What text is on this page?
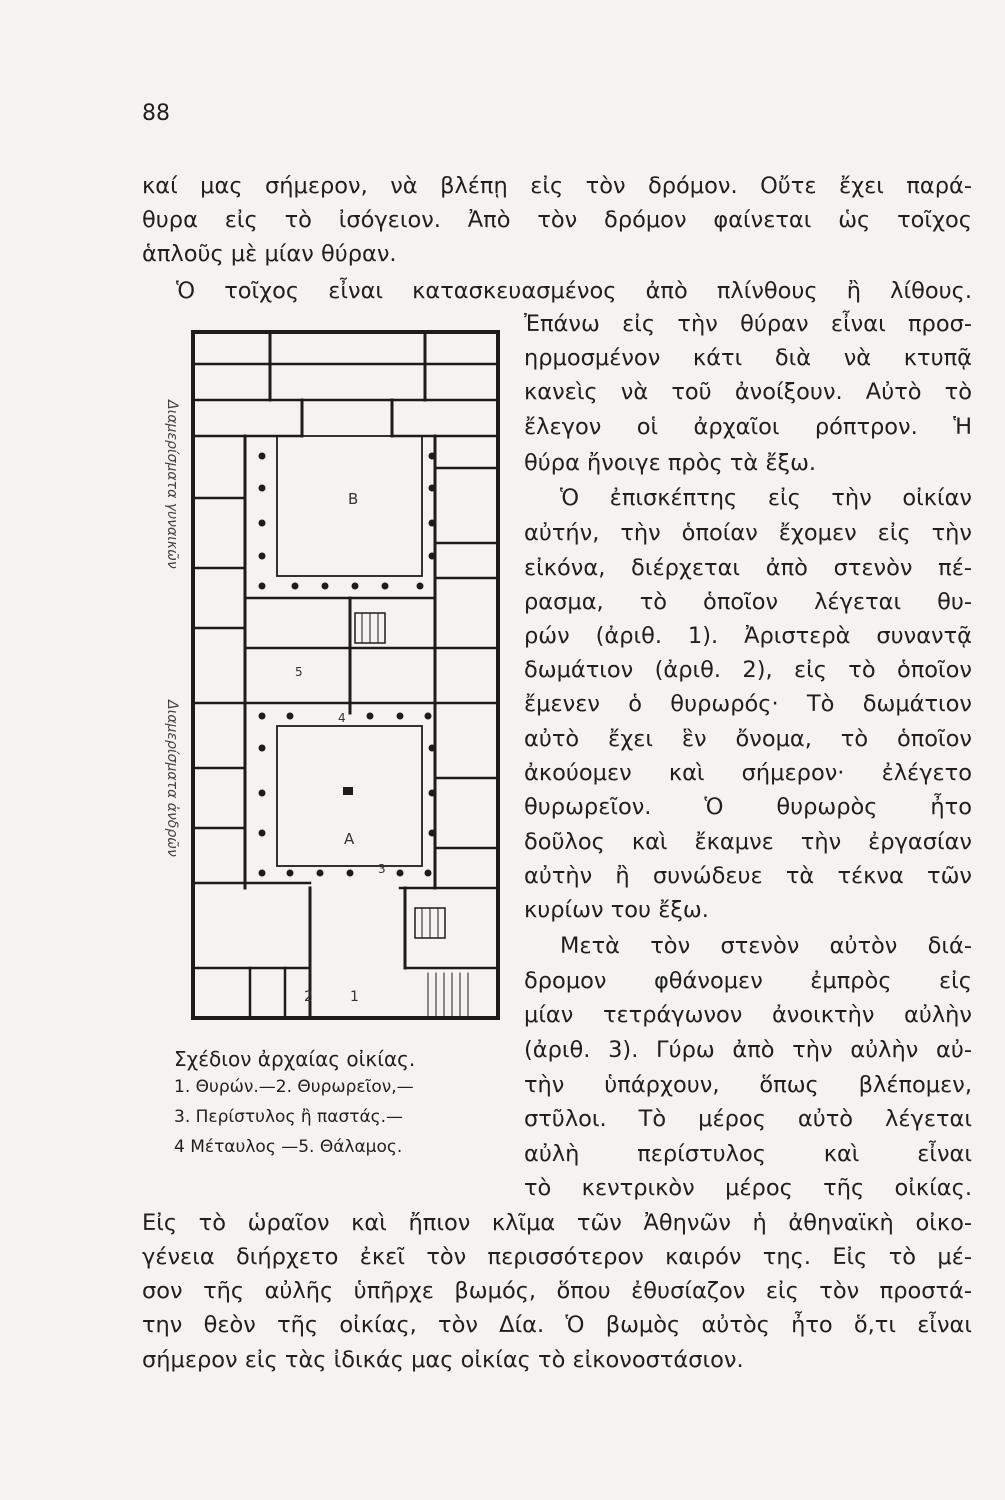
88
καί μας σήμερον, νὰ βλέπῃ εἰς τὸν δρόμον. Οὔτε ἔχει παρά-
θυρα εἰς τὸ ἰσόγειον. Ἀπὸ τὸν δρόμον φαίνεται ὡς τοῖχος
ἁπλοῦς μὲ μίαν θύραν.
Ὁ τοῖχος εἶναι κατασκευασμένος ἀπὸ πλίνθους ἢ λίθους.
Ἐπάνω εἰς τὴν θύραν εἶναι προσ-
ηρμοσμένον κάτι διὰ νὰ κτυπᾷ
κανεὶς νὰ τοῦ ἀνοίξουν. Αὐτὸ τὸ
ἔλεγον οἱ ἀρχαῖοι ρόπτρον. Ἡ
θύρα ἤνοιγε πρὸς τὰ ἔξω.
Ὁ ἐπισκέπτης εἰς τὴν οἰκίαν
αὐτήν, τὴν ὁποίαν ἔχομεν εἰς τὴν
εἰκόνα, διέρχεται ἀπὸ στενὸν πέ-
ρασμα, τὸ ὁποῖον λέγεται θυ-
ρών (ἀριθ. 1). Ἀριστερὰ συναντᾷ
δωμάτιον (ἀριθ. 2), εἰς τὸ ὁποῖον
ἔμενεν ὁ θυρωρός· Τὸ δωμάτιον
αὐτὸ ἔχει ἓν ὄνομα, τὸ ὁποῖον
ἀκούομεν καὶ σήμερον· ἐλέγετο
θυρωρεῖον. Ὁ θυρωρὸς ἦτο
δοῦλος καὶ ἔκαμνε τὴν ἐργασίαν
αὐτὴν ἢ συνώδευε τὰ τέκνα τῶν
κυρίων του ἔξω.
Μετὰ τὸν στενὸν αὐτὸν διά-
δρομον φθάνομεν ἐμπρὸς εἰς
μίαν τετράγωνον ἀνοικτὴν αὐλὴν
(ἀριθ. 3). Γύρω ἀπὸ τὴν αὐλὴν αὐ-
τὴν ὑπάρχουν, ὅπως βλέπομεν,
στῦλοι. Τὸ μέρος αὐτὸ λέγεται
αὐλὴ περίστυλος καὶ εἶναι
τὸ κεντρικὸν μέρος τῆς οἰκίας.
Εἰς τὸ ὡραῖον καὶ ἤπιον κλῖμα τῶν Ἀθηνῶν ἡ ἀθηναϊκὴ οἰκο-
γένεια διήρχετο ἐκεῖ τὸν περισσότερον καιρόν της. Εἰς τὸ μέ-
σον τῆς αὐλῆς ὑπῆρχε βωμός, ὅπου ἐθυσίαζον εἰς τὸν προστά-
την θεὸν τῆς οἰκίας, τὸν Δία. Ὁ βωμὸς αὐτὸς ἦτο ὅ,τι εἶναι
σήμερον εἰς τὰς ἰδικάς μας οἰκίας τὸ εἰκονοστάσιον.
Διαμερίσματα γυναικῶν
Διαμερίσματα ἀνδρῶν
Β
Α
5
4
3
2	1
Σχέδιον ἀρχαίας οἰκίας.
1. Θυρών.—2. Θυρωρεῖον,—
3. Περίστυλος ἢ παστάς.—
4 Μέταυλος —5. Θάλαμος.
